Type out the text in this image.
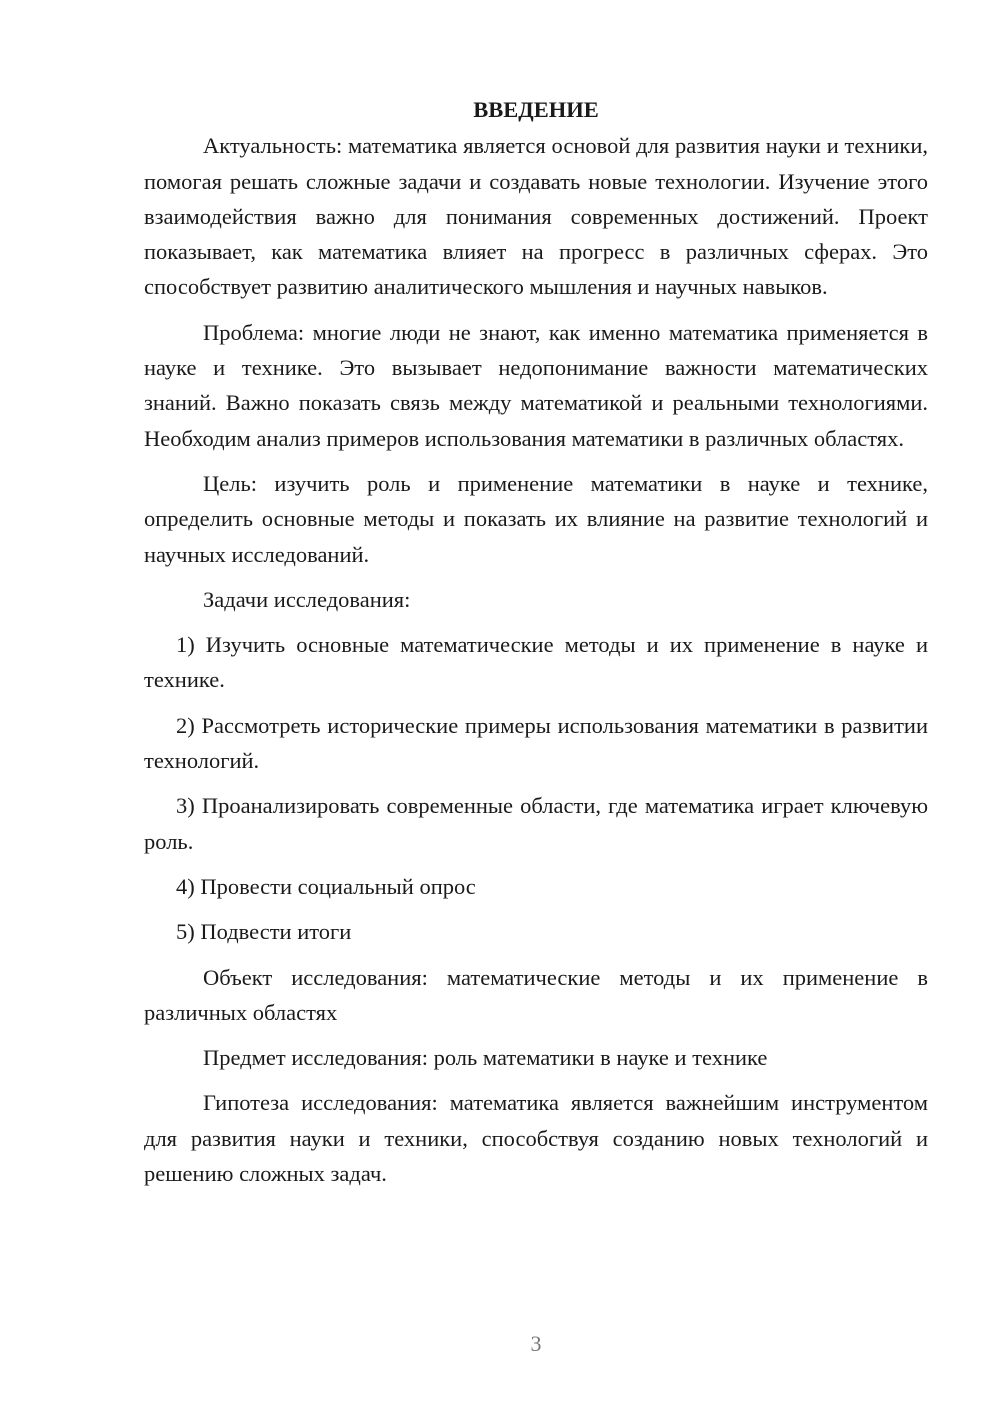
ВВЕДЕНИЕ

Актуальность: математика является основой для развития науки и техники, помогая решать сложные задачи и создавать новые технологии. Изучение этого взаимодействия важно для понимания современных достижений. Проект показывает, как математика влияет на прогресс в различных сферах. Это способствует развитию аналитического мышления и научных навыков.

Проблема: многие люди не знают, как именно математика применяется в науке и технике. Это вызывает недопонимание важности математических знаний. Важно показать связь между математикой и реальными технологиями. Необходим анализ примеров использования математики в различных областях.

Цель: изучить роль и применение математики в науке и технике, определить основные методы и показать их влияние на развитие технологий и научных исследований.

Задачи исследования:

1) Изучить основные математические методы и их применение в науке и технике.

2) Рассмотреть исторические примеры использования математики в развитии технологий.

3) Проанализировать современные области, где математика играет ключевую роль.

4) Провести социальный опрос

5) Подвести итоги

Объект исследования: математические методы и их применение в различных областях

Предмет исследования: роль математики в науке и технике

Гипотеза исследования: математика является важнейшим инструментом для развития науки и техники, способствуя созданию новых технологий и решению сложных задач.

3
